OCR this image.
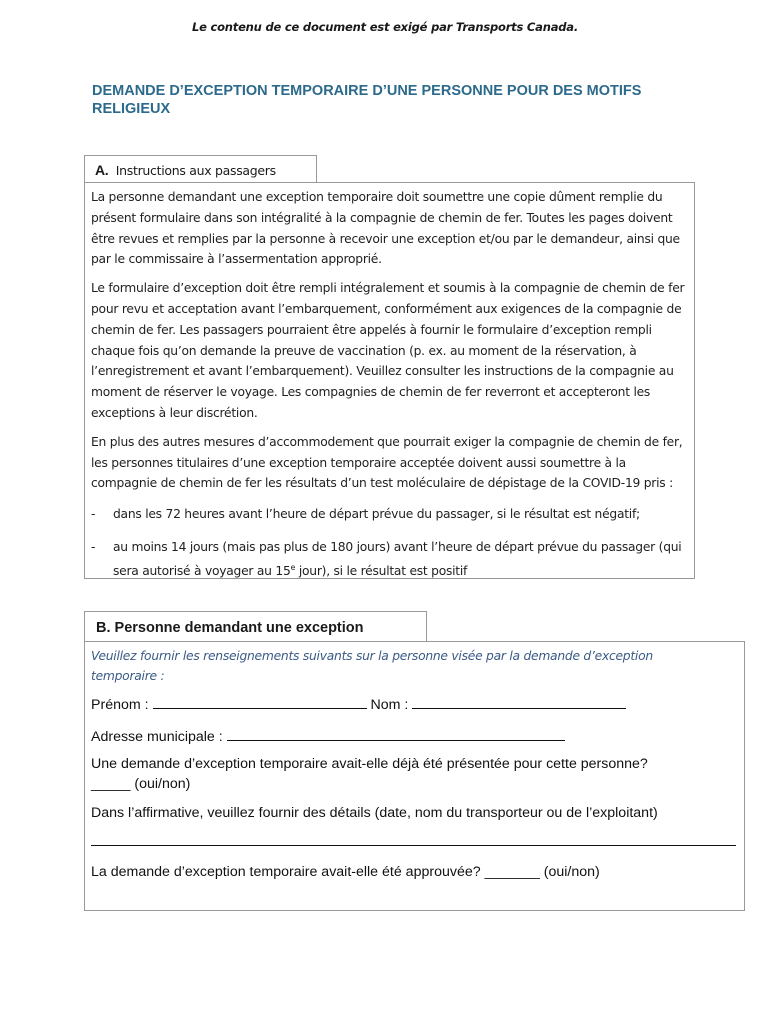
Le contenu de ce document est exigé par Transports Canada.
DEMANDE D’EXCEPTION TEMPORAIRE D’UNE PERSONNE POUR DES MOTIFS RELIGIEUX
A. Instructions aux passagers

La personne demandant une exception temporaire doit soumettre une copie dûment remplie du présent formulaire dans son intégralité à la compagnie de chemin de fer. Toutes les pages doivent être revues et remplies par la personne à recevoir une exception et/ou par le demandeur, ainsi que par le commissaire à l’assermentation approprié.

Le formulaire d’exception doit être rempli intégralement et soumis à la compagnie de chemin de fer pour revu et acceptation avant l’embarquement, conformément aux exigences de la compagnie de chemin de fer. Les passagers pourraient être appelés à fournir le formulaire d’exception rempli chaque fois qu’on demande la preuve de vaccination (p. ex. au moment de la réservation, à l’enregistrement et avant l’embarquement). Veuillez consulter les instructions de la compagnie au moment de réserver le voyage. Les compagnies de chemin de fer reverront et accepteront les exceptions à leur discrétion.

En plus des autres mesures d’accommodement que pourrait exiger la compagnie de chemin de fer, les personnes titulaires d’une exception temporaire acceptée doivent aussi soumettre à la compagnie de chemin de fer les résultats d’un test moléculaire de dépistage de la COVID-19 pris :

- dans les 72 heures avant l’heure de départ prévue du passager, si le résultat est négatif;
- au moins 14 jours (mais pas plus de 180 jours) avant l’heure de départ prévue du passager (qui sera autorisé à voyager au 15e jour), si le résultat est positif
B. Personne demandant une exception
Veuillez fournir les renseignements suivants sur la personne visée par la demande d’exception temporaire :
Prénom :	Nom :
Adresse municipale :
Une demande d’exception temporaire avait-elle déjà été présentée pour cette personne?
_____ (oui/non)
Dans l’affirmative, veuillez fournir des détails (date, nom du transporteur ou de l’exploitant)
La demande d’exception temporaire avait-elle été approuvée? _______ (oui/non)
